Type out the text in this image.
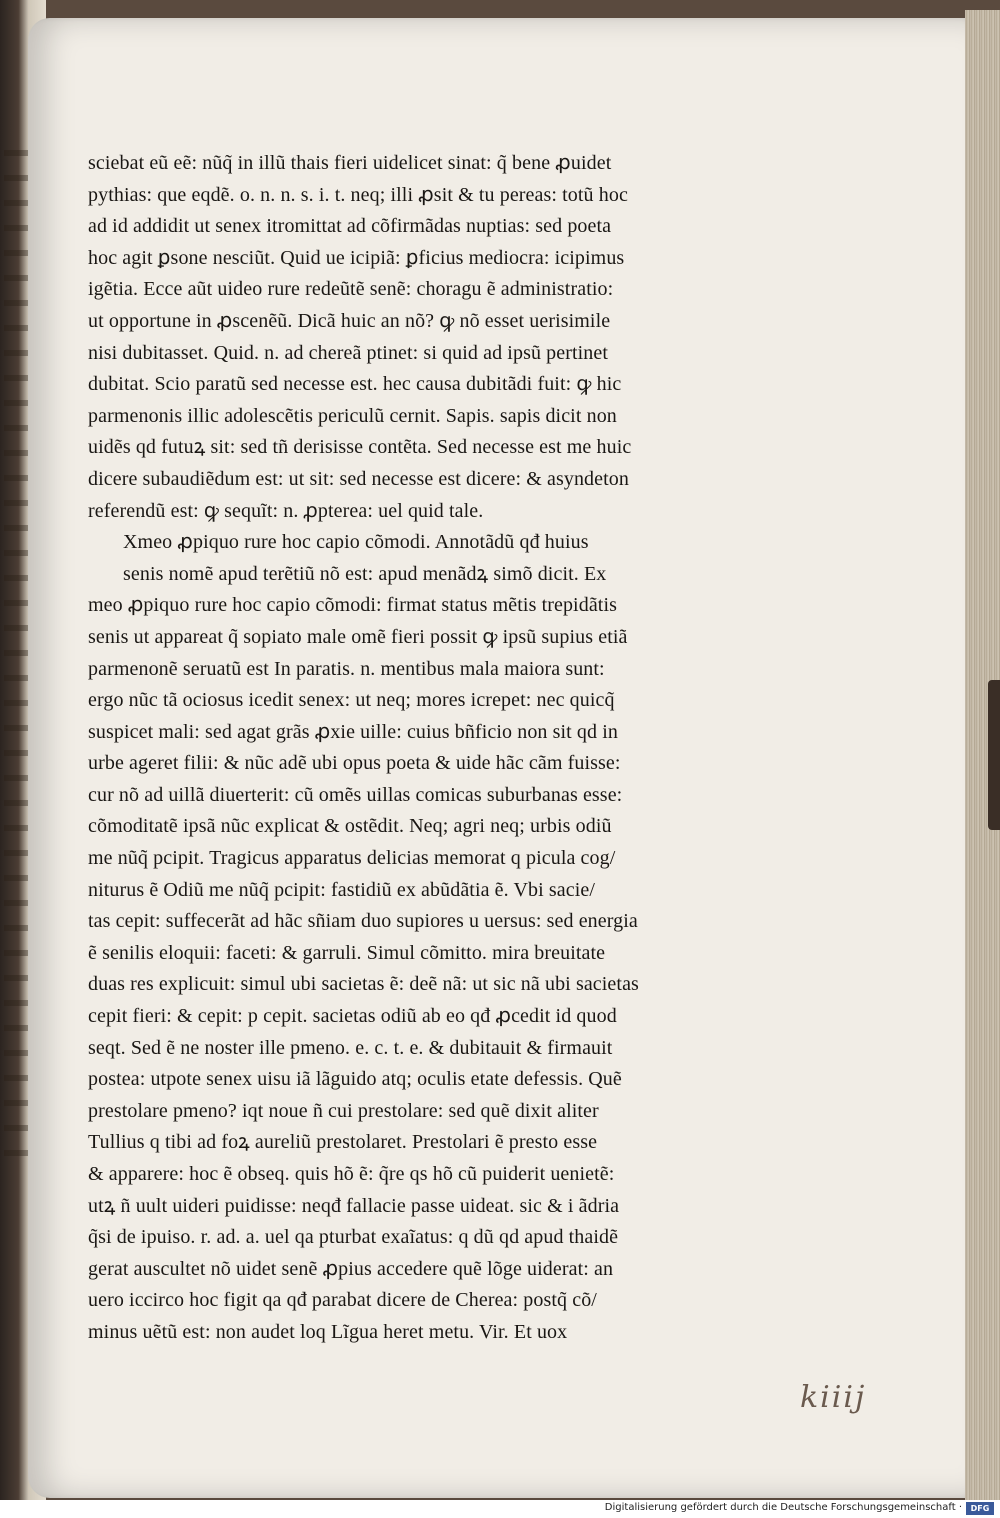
sciebat eũ eẽ: nũq̃ in illũ thais fieri uidelicet sinat: q̃ bene ꝓuidet
pythias: que eqdẽ. o. n. n. s. i. t. neq; illi ꝓsit & tu pereas: totũ hoc
ad id addidit ut senex itromittat ad cõfirmãdas nuptias: sed poeta
hoc agit ꝑsone nesciũt. Quid ue icipiã: ꝑficius mediocra: icipimus
igẽtia. Ecce aũt uideo rure redeũtẽ senẽ: choragu ẽ administratio:
ut opportune in ꝓscenẽũ. Dicã huic an nõ? ꝙ nõ esset uerisimile
nisi dubitasset. Quid. n. ad chereã ptinet: si quid ad ipsũ pertinet
dubitat. Scio paratũ sed necesse est. hec causa dubitãdi fuit: ꝙ hic
parmenonis illic adolescẽtis periculũ cernit. Sapis. sapis dicit non
uidẽs qd futuꝝ sit: sed tñ derisisse contẽta. Sed necesse est me huic
dicere subaudiẽdum est: ut sit: sed necesse est dicere: & asyndeton
referendũ est: ꝙ sequĩt: n. ꝓpterea: uel quid tale.
Xmeo ꝓpiquo rure hoc capio cõmodi. Annotãdũ qđ huius
senis nomẽ apud terẽtiũ nõ est: apud menãdꝝ simõ dicit. Ex
meo ꝓpiquo rure hoc capio cõmodi: firmat status mẽtis trepidãtis
senis ut appareat q̃ sopiato male omẽ fieri possit ꝙ ipsũ supius etiã
parmenonẽ seruatũ est In paratis. n. mentibus mala maiora sunt:
ergo nũc tã ociosus icedit senex: ut neq; mores icrepet: nec quicq̃
suspicet mali: sed agat grãs ꝓxie uille: cuius bñficio non sit qd in
urbe ageret filii: & nũc adẽ ubi opus poeta & uide hãc cãm fuisse:
cur nõ ad uillã diuerterit: cũ omẽs uillas comicas suburbanas esse:
cõmoditatẽ ipsã nũc explicat & ostẽdit. Neq; agri neq; urbis odiũ
me nũq̃ pcipit. Tragicus apparatus delicias memorat q picula cog/
niturus ẽ Odiũ me nũq̃ pcipit: fastidiũ ex abũdãtia ẽ. Vbi sacie/
tas cepit: suffecerãt ad hãc sñiam duo supiores u uersus: sed energia
ẽ senilis eloquii: faceti: & garruli. Simul cõmitto. mira breuitate
duas res explicuit: simul ubi sacietas ẽ: deẽ nã: ut sic nã ubi sacietas
cepit fieri: & cepit: p cepit. sacietas odiũ ab eo qđ ꝓcedit id quod
seqt. Sed ẽ ne noster ille pmeno. e. c. t. e. & dubitauit & firmauit
postea: utpote senex uisu iã lãguido atq; oculis etate defessis. Quẽ
prestolare pmeno? iqt noue ñ cui prestolare: sed quẽ dixit aliter
Tullius q tibi ad foꝝ aureliũ prestolaret. Prestolari ẽ presto esse
& apparere: hoc ẽ obseq. quis hõ ẽ: q̃re qs hõ cũ puiderit uenietẽ:
utꝝ ñ uult uideri puidisse: neqđ fallacie passe uideat. sic & i ãdria
q̃si de ipuiso. r. ad. a. uel qa pturbat exaĩatus: q dũ qd apud thaidẽ
gerat auscultet nõ uidet senẽ ꝓpius accedere quẽ lõge uiderat: an
uero iccirco hoc figit qa qđ parabat dicere de Cherea: postq̃ cõ/
minus uẽtũ est: non audet loq Lĩgua heret metu. Vir. Et uox
kiiij
Digitalisierung gefördert durch die Deutsche Forschungsgemeinschaft ·	DFG
